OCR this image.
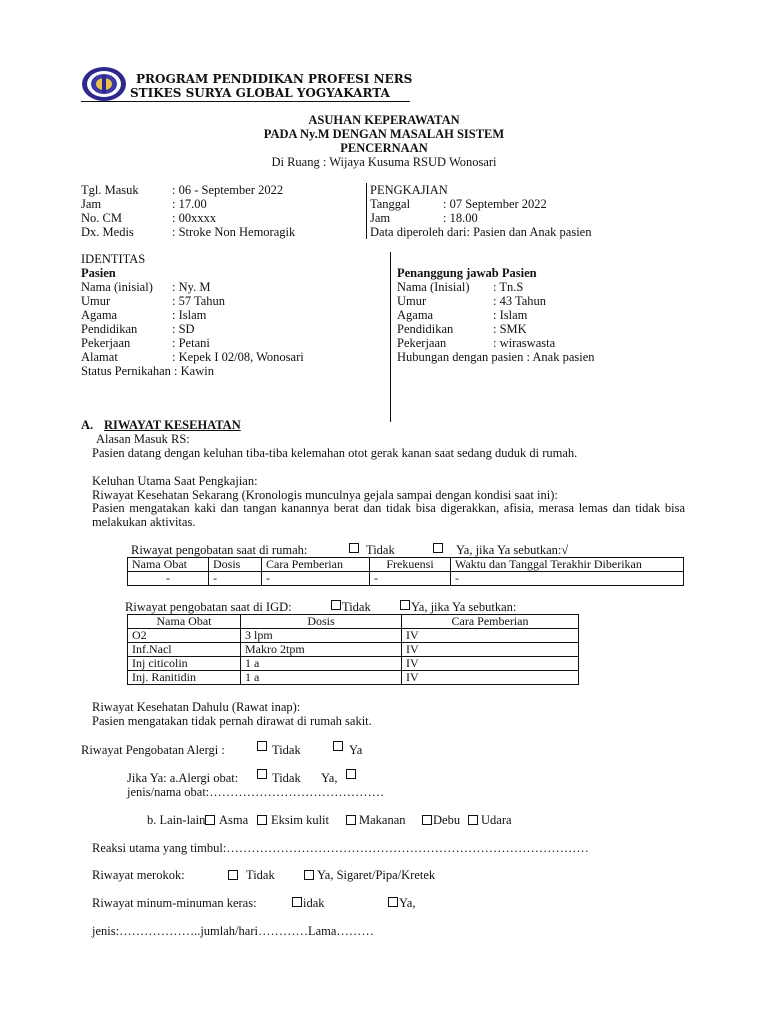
PROGRAM PENDIDIKAN PROFESI NERS
STIKES SURYA GLOBAL YOGYAKARTA
ASUHAN KEPERAWATAN
PADA Ny.M DENGAN MASALAH SISTEM
PENCERNAAN
Di Ruang : Wijaya Kusuma RSUD Wonosari
Tgl. Masuk	: 06 - September 2022
Jam	: 17.00
No. CM	: 00xxxx
Dx. Medis	: Stroke Non Hemoragik
PENGKAJIAN
Tanggal	: 07 September 2022
Jam	: 18.00
Data diperoleh dari: Pasien dan Anak pasien
IDENTITAS
Pasien
Nama (inisial) : Ny. M
Umur	: 57 Tahun
Agama	: Islam
Pendidikan	: SD
Pekerjaan	: Petani
Alamat	: Kepek I 02/08, Wonosari
Status Pernikahan : Kawin
Penanggung jawab Pasien
Nama (Inisial) : Tn.S
Umur	: 43 Tahun
Agama	: Islam
Pendidikan	: SMK
Pekerjaan	: wiraswasta
Hubungan dengan pasien : Anak pasien
A. RIWAYAT KESEHATAN
Alasan Masuk RS:
Pasien datang dengan keluhan tiba-tiba kelemahan otot gerak kanan saat sedang duduk di rumah.
Keluhan Utama Saat Pengkajian:
Riwayat Kesehatan Sekarang (Kronologis munculnya gejala sampai dengan kondisi saat ini):
Pasien mengatakan kaki dan tangan kanannya berat dan tidak bisa digerakkan, afisia, merasa lemas dan tidak bisa melakukan aktivitas.
Riwayat pengobatan saat di rumah:	Tidak	Ya, jika Ya sebutkan:√
Nama Obat	Dosis	Cara Pemberian	Frekuensi	Waktu dan Tanggal Terakhir Diberikan
-	-	-	-	-
Riwayat pengobatan saat di IGD:	Tidak	Ya, jika Ya sebutkan:
Nama Obat	Dosis	Cara Pemberian
O2	3 lpm	IV
Inf.Nacl	Makro 2tpm	IV
Inj citicolin	1 a	IV
Inj. Ranitidin	1 a	IV
Riwayat Kesehatan Dahulu (Rawat inap):
Pasien mengatakan tidak pernah dirawat di rumah sakit.
Riwayat Pengobatan Alergi :	Tidak	Ya
Jika Ya: a.Alergi obat:	Tidak Ya,
jenis/nama obat:……………………………………
b. Lain-lain Asma Eksim kulit Makanan Debu Udara
Reaksi utama yang timbul:……………………………………………………………………………
Riwayat merokok:	Tidak	Ya, Sigaret/Pipa/Kretek
Riwayat minum-minuman keras:	idak	Ya,
jenis:………………..jumlah/hari…………Lama………
